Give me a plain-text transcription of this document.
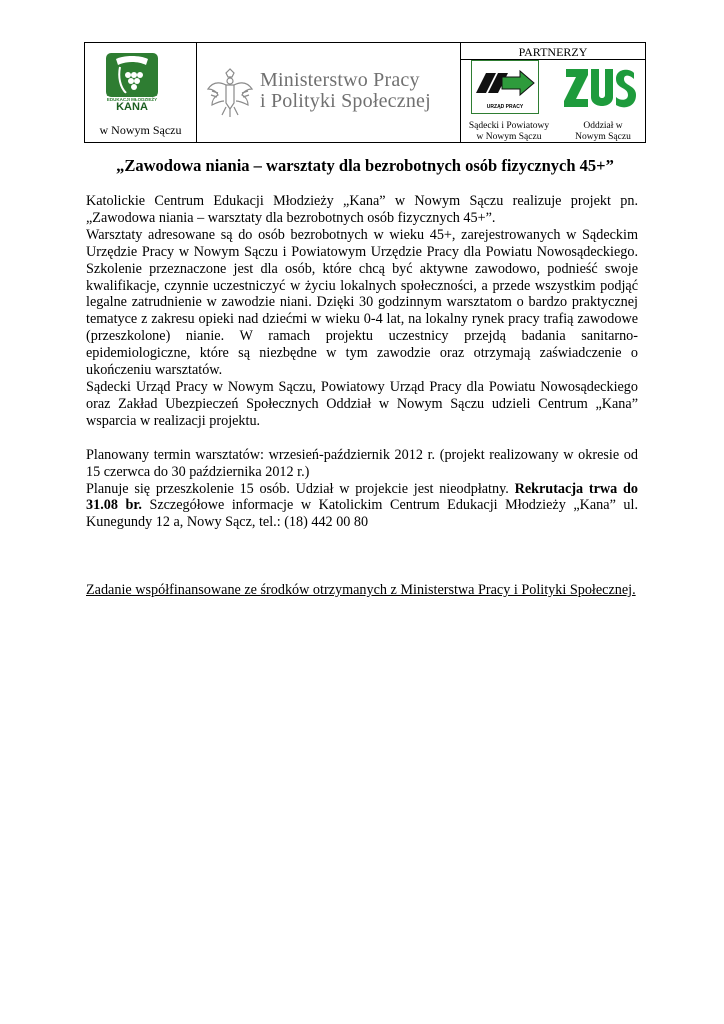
KATOLICKIE CENTRUM EDUKACJI MŁODZIEŻY
KANA
w Nowym Sączu
Ministerstwo Pracy
i Polityki Społecznej
PARTNERZY
URZĄD PRACY
Sądecki i Powiatowy
w Nowym Sączu
Oddział w
Nowym Sączu
„Zawodowa niania – warsztaty dla bezrobotnych osób fizycznych 45+”

Katolickie Centrum Edukacji Młodzieży „Kana” w Nowym Sączu realizuje projekt pn. „Zawodowa niania – warsztaty dla bezrobotnych osób fizycznych 45+”.

Warsztaty adresowane są do osób bezrobotnych w wieku 45+, zarejestrowanych w Sądeckim Urzędzie Pracy w Nowym Sączu i Powiatowym Urzędzie Pracy dla Powiatu Nowosądeckiego. Szkolenie przeznaczone jest dla osób, które chcą być aktywne zawodowo, podnieść swoje kwalifikacje, czynnie uczestniczyć w życiu lokalnych społeczności, a przede wszystkim podjąć legalne zatrudnienie w zawodzie niani. Dzięki 30 godzinnym warsztatom o bardzo praktycznej tematyce z zakresu opieki nad dziećmi w wieku 0-4 lat, na lokalny rynek pracy trafią zawodowe (przeszkolone) nianie. W ramach projektu uczestnicy przejdą badania sanitarno-epidemiologiczne, które są niezbędne w tym zawodzie oraz otrzymają zaświadczenie o ukończeniu warsztatów.

Sądecki Urząd Pracy w Nowym Sączu, Powiatowy Urząd Pracy dla Powiatu Nowosądeckiego oraz Zakład Ubezpieczeń Społecznych Oddział w Nowym Sączu udzieli Centrum „Kana” wsparcia w realizacji projektu.

Planowany termin warsztatów: wrzesień-październik 2012 r. (projekt realizowany w okresie od 15 czerwca do 30 października 2012 r.)

Planuje się przeszkolenie 15 osób. Udział w projekcie jest nieodpłatny. Rekrutacja trwa do 31.08 br. Szczegółowe informacje w Katolickim Centrum Edukacji Młodzieży „Kana” ul. Kunegundy 12 a, Nowy Sącz, tel.: (18) 442 00 80

Zadanie współfinansowane ze środków otrzymanych z Ministerstwa Pracy i Polityki Społecznej.
